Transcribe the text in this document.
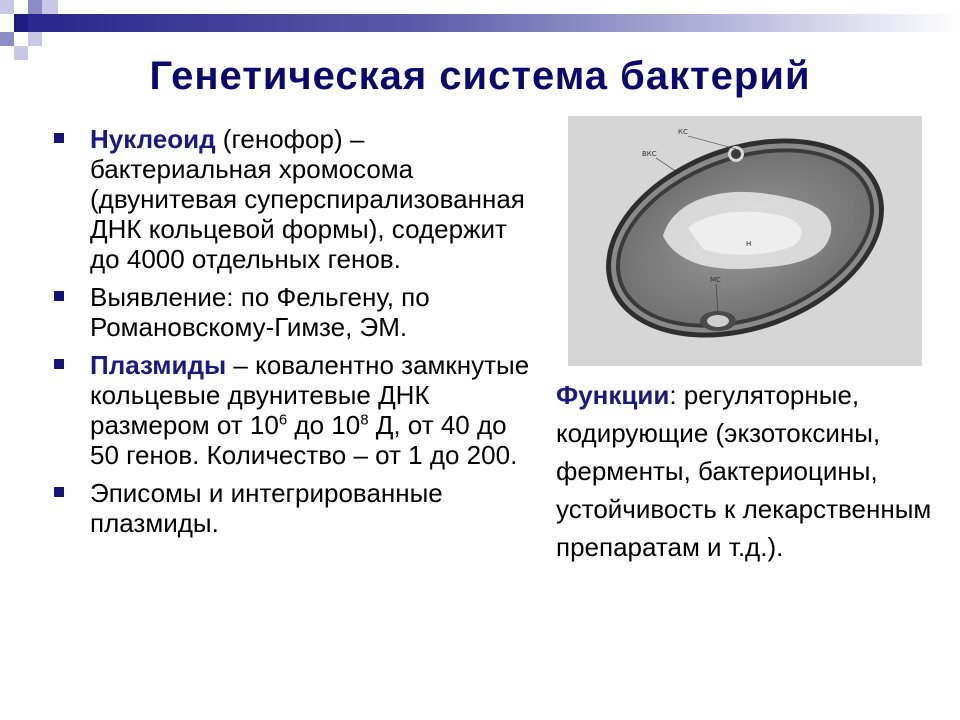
Генетическая система бактерий
Нуклеоид (генофор) – бактериальная хромосома (двунитевая суперспирализованная ДНК кольцевой формы), содержит до 4000 отдельных генов.
Выявление: по Фельгену, по Романовскому-Гимзе, ЭМ.
Плазмиды – ковалентно замкнутые кольцевые двунитевые ДНК размером от $10^6$ до $10^8$ Д, от 40 до 50 генов. Количество – от 1 до 200.
Эписомы и интегрированные плазмиды.
КС
ВКС
Н
МС
Функции: регуляторные, кодирующие (экзотоксины, ферменты, бактериоцины, устойчивость к лекарственным препаратам и т.д.).
